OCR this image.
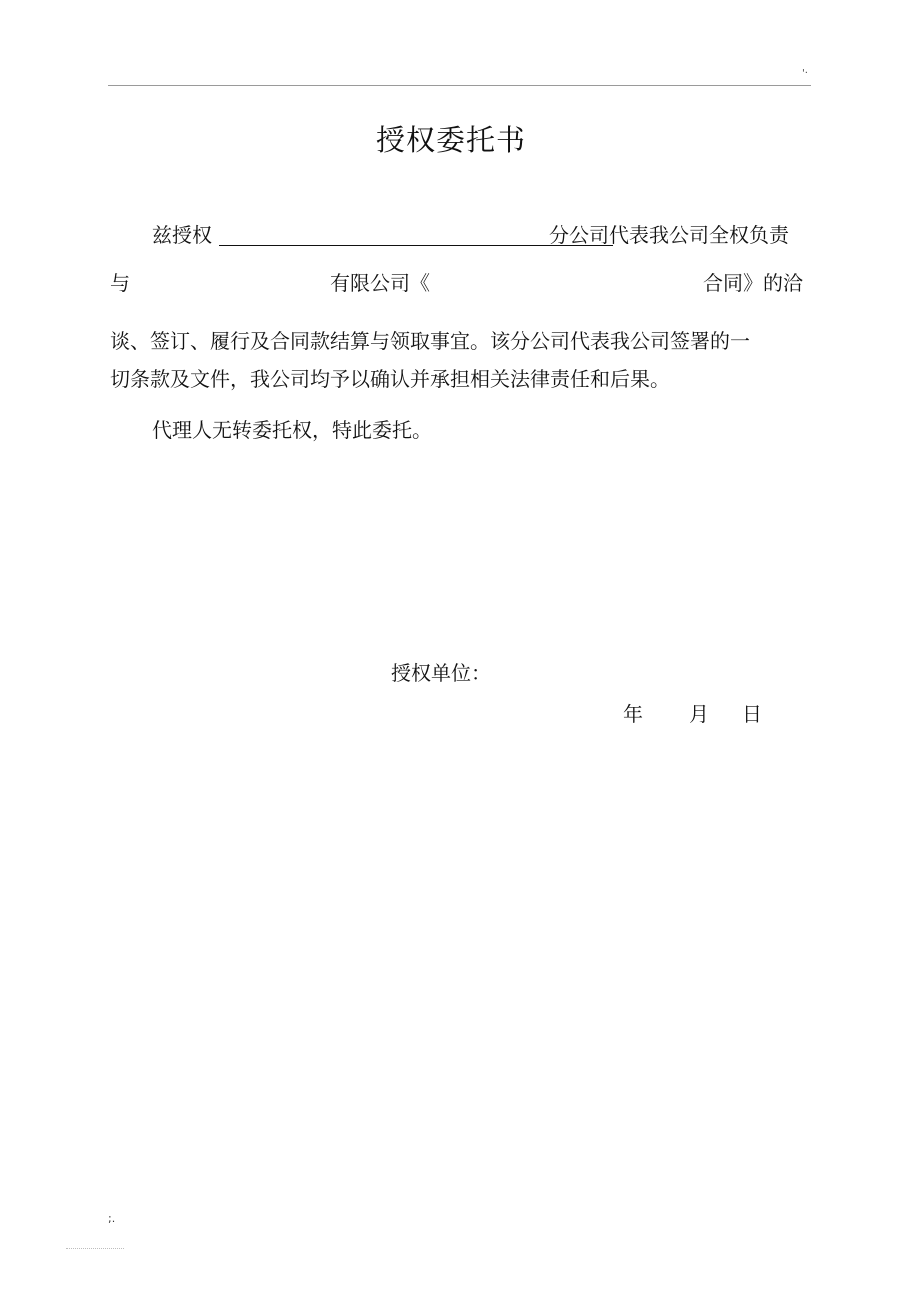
'·
授权委托书
兹授权	分公司代表我公司全权负责
与	有限公司《	合同》的洽
谈、签订、履行及合同款结算与领取事宜。该分公司代表我公司签署的一
切条款及文件，我公司均予以确认并承担相关法律责任和后果。
代理人无转委托权，特此委托。
授权单位：
年 月 日
;.
